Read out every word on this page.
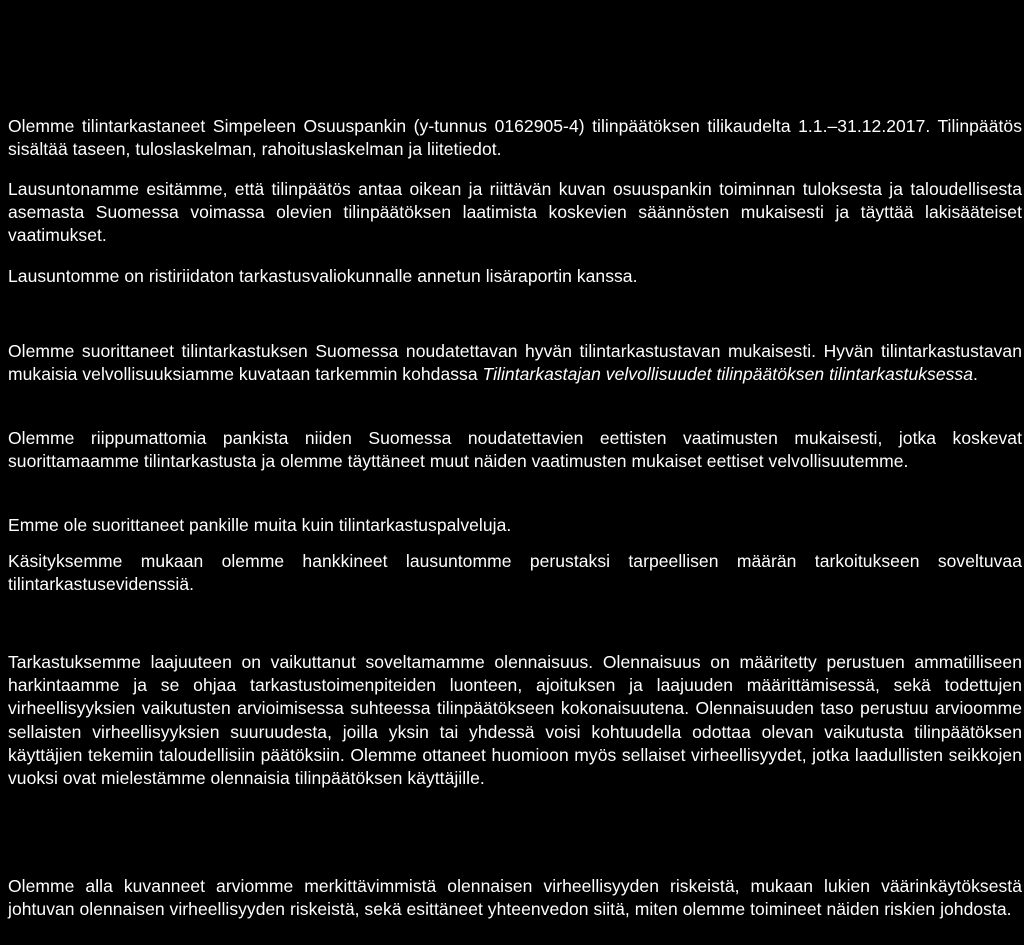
Olemme tilintarkastaneet Simpeleen Osuuspankin (y-tunnus 0162905-4) tilinpäätöksen tilikaudelta 1.1.–31.12.2017. Tilinpäätös sisältää taseen, tuloslaskelman, rahoituslaskelman ja liitetiedot.

Lausuntonamme esitämme, että tilinpäätös antaa oikean ja riittävän kuvan osuuspankin toiminnan tuloksesta ja taloudellisesta asemasta Suomessa voimassa olevien tilinpäätöksen laatimista koskevien säännösten mukaisesti ja täyttää lakisääteiset vaatimukset.

Lausuntomme on ristiriidaton tarkastusvaliokunnalle annetun lisäraportin kanssa.

Olemme suorittaneet tilintarkastuksen Suomessa noudatettavan hyvän tilintarkastustavan mukaisesti. Hyvän tilintarkastustavan mukaisia velvollisuuksiamme kuvataan tarkemmin kohdassa Tilintarkastajan velvollisuudet tilinpäätöksen tilintarkastuksessa.

Olemme riippumattomia pankista niiden Suomessa noudatettavien eettisten vaatimusten mukaisesti, jotka koskevat suorittamaamme tilintarkastusta ja olemme täyttäneet muut näiden vaatimusten mukaiset eettiset velvollisuutemme.

Emme ole suorittaneet pankille muita kuin tilintarkastuspalveluja.

Käsityksemme mukaan olemme hankkineet lausuntomme perustaksi tarpeellisen määrän tarkoitukseen soveltuvaa tilintarkastusevidenssiä.

Tarkastuksemme laajuuteen on vaikuttanut soveltamamme olennaisuus. Olennaisuus on määritetty perustuen ammatilliseen harkintaamme ja se ohjaa tarkastustoimenpiteiden luonteen, ajoituksen ja laajuuden määrittämisessä, sekä todettujen virheellisyyksien vaikutusten arvioimisessa suhteessa tilinpäätökseen kokonaisuutena. Olennaisuuden taso perustuu arvioomme sellaisten virheellisyyksien suuruudesta, joilla yksin tai yhdessä voisi kohtuudella odottaa olevan vaikutusta tilinpäätöksen käyttäjien tekemiin taloudellisiin päätöksiin. Olemme ottaneet huomioon myös sellaiset virheellisyydet, jotka laadullisten seikkojen vuoksi ovat mielestämme olennaisia tilinpäätöksen käyttäjille.

Olemme alla kuvanneet arviomme merkittävimmistä olennaisen virheellisyyden riskeistä, mukaan lukien väärinkäytöksestä johtuvan olennaisen virheellisyyden riskeistä, sekä esittäneet yhteenvedon siitä, miten olemme toimineet näiden riskien johdosta.
